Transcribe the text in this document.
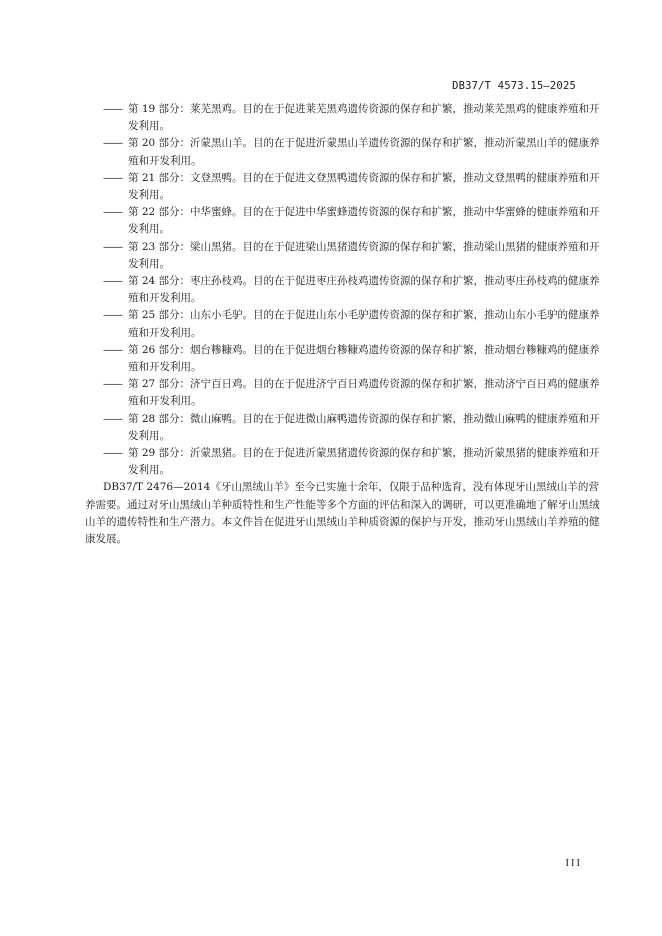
DB37/T 4573.15—2025

—— 第 19 部分：莱芜黑鸡。目的在于促进莱芜黑鸡遗传资源的保存和扩繁，推动莱芜黑鸡的健康养殖和开发利用。

—— 第 20 部分：沂蒙黑山羊。目的在于促进沂蒙黑山羊遗传资源的保存和扩繁，推动沂蒙黑山羊的健康养殖和开发利用。

—— 第 21 部分：文登黑鸭。目的在于促进文登黑鸭遗传资源的保存和扩繁，推动文登黑鸭的健康养殖和开发利用。

—— 第 22 部分：中华蜜蜂。目的在于促进中华蜜蜂遗传资源的保存和扩繁，推动中华蜜蜂的健康养殖和开发利用。

—— 第 23 部分：梁山黑猪。目的在于促进梁山黑猪遗传资源的保存和扩繁，推动梁山黑猪的健康养殖和开发利用。

—— 第 24 部分：枣庄孙枝鸡。目的在于促进枣庄孙枝鸡遗传资源的保存和扩繁，推动枣庄孙枝鸡的健康养殖和开发利用。

—— 第 25 部分：山东小毛驴。目的在于促进山东小毛驴遗传资源的保存和扩繁，推动山东小毛驴的健康养殖和开发利用。

—— 第 26 部分：烟台糁糠鸡。目的在于促进烟台糁糠鸡遗传资源的保存和扩繁，推动烟台糁糠鸡的健康养殖和开发利用。

—— 第 27 部分：济宁百日鸡。目的在于促进济宁百日鸡遗传资源的保存和扩繁，推动济宁百日鸡的健康养殖和开发利用。

—— 第 28 部分：微山麻鸭。目的在于促进微山麻鸭遗传资源的保存和扩繁，推动微山麻鸭的健康养殖和开发利用。

—— 第 29 部分：沂蒙黑猪。目的在于促进沂蒙黑猪遗传资源的保存和扩繁，推动沂蒙黑猪的健康养殖和开发利用。

DB37/T 2476—2014《牙山黑绒山羊》至今已实施十余年，仅限于品种选育，没有体现牙山黑绒山羊的营养需要。通过对牙山黑绒山羊种质特性和生产性能等多个方面的评估和深入的调研，可以更准确地了解牙山黑绒山羊的遗传特性和生产潜力。本文件旨在促进牙山黑绒山羊种质资源的保护与开发，推动牙山黑绒山羊养殖的健康发展。

III
